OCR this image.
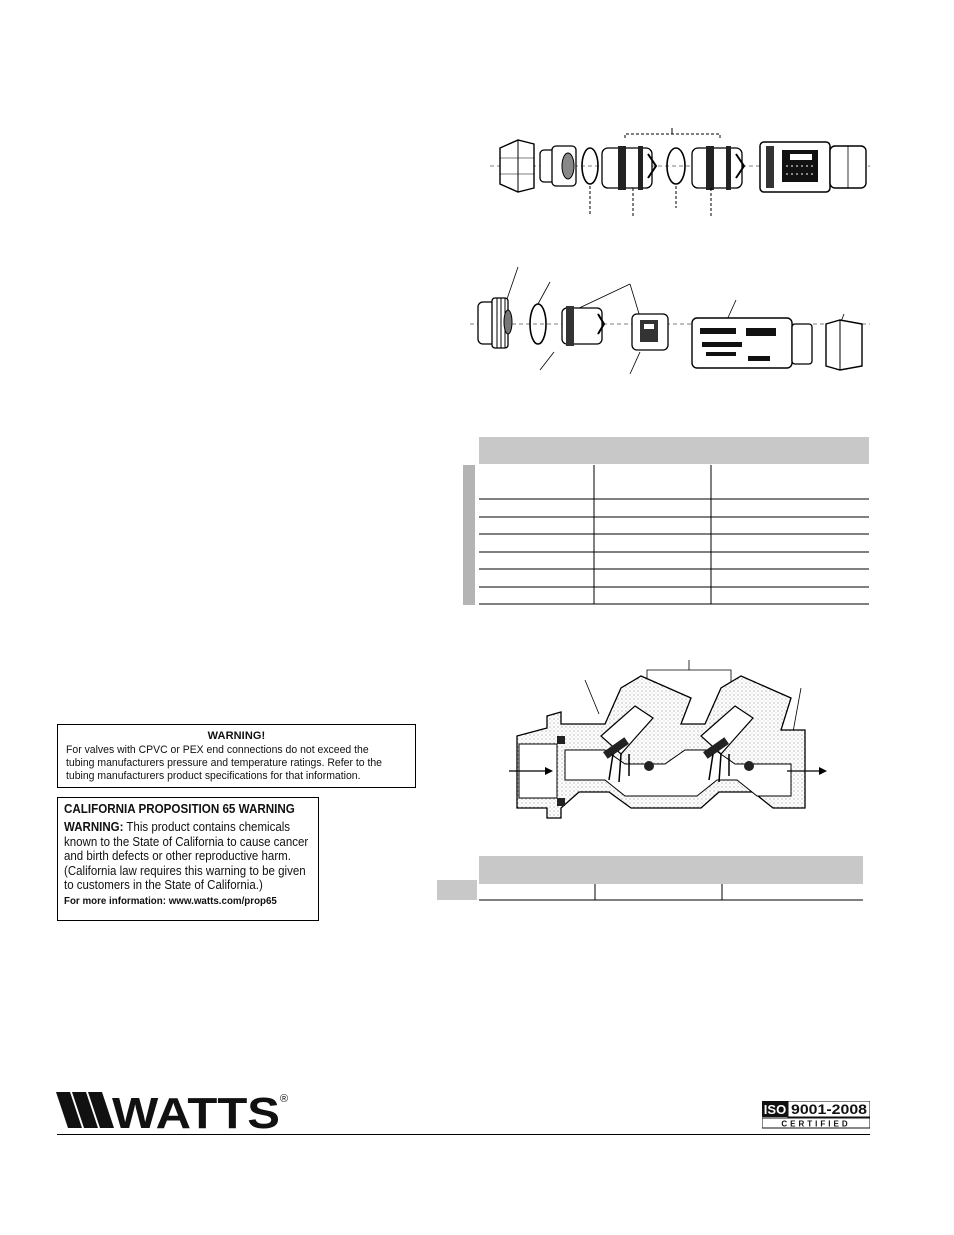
WARNING!
For valves with CPVC or PEX end connections do not exceed the
tubing manufacturers pressure and temperature ratings. Refer to the
tubing manufacturers product specifications for that information.
CALIFORNIA PROPOSITION 65 WARNING
WARNING: This product contains chemicals
known to the State of California to cause cancer
and birth defects or other reproductive harm.
(California law requires this warning to be given
to customers in the State of California.)
For more information: www.watts.com/prop65
WATTS ®
ISO 9001-2008
CERTIFIED
